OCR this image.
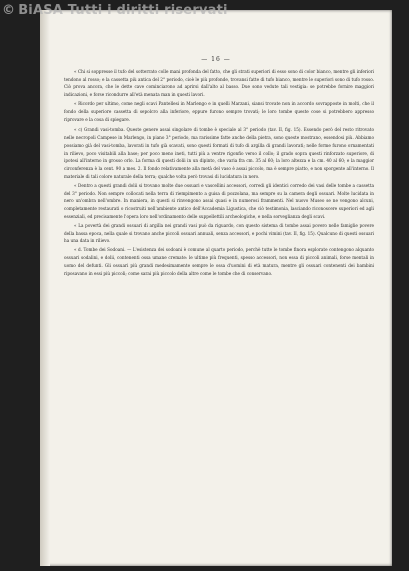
— 16 —

« Chi si soppresse il tufo del sotterrato colle mani profonda del fatto, che gli strati superiori di esso sono di color bianco, mentre gli inferiori tendono al rosso; e la cassetta più antica del 2° periodo, cioè le più profonde, trovansi fatte di tufo bianco, mentre le superiori sono di tufo rosso. Ciò prova ancora, che le dette cave cominciarono ad aprirsi dall'alto al basso. Due sono vedute tali vestigia: se potrebbe fornire maggiori indicazioni, e forse ricondurre all'età menata man in questi lavori.

« Ricordo per ultimo, come negli scavi Pantellesi in Marlengo e in quelli Marzani, siansi trovate non in accordo sovrapposte in molti, che il fondo della superiore cassetta di sepolcro alla inferiore, eppure furono sempre trovati; le loro tombe queste cose si potrebbero appresso riprovare e la cosa di spiegare.

« c) Grandi vasi-tomba. Queste genere assai singolare di tombe è speciale al 3° periodo (tav. II, fig. 15). Essendo però del resto ritrovato nelle necropoli Campese in Marlengo, in piano 3° periodo, ma rarissime fatte anche della pietra, sono queste mostrano, essendosi più. Abbiamo possiamo già del vasi-tomba, lavorati in tufo già scavati, sono questi formati di tufo di argilla di grandi lavorati; nelle forme furono ornamentati in rilievo, poco visitabili alla base; per poco meno ineti, tutti più a ventre rigonfio verso il collo; il grado sopra questi rinforzato superiore, di ipotesi all'interno in grosso orlo. La forma di questi dolii in un dipinto, che varia fra cm. 35 al 60; la loro altezza e la cm. 40 al 60; e la maggior circonferenza è la cent. 90 a mes. 2. Il fondo relativamente alla metà del vaso è assai piccolo, ma è sempre piatto, e non sporgente all'interno. Il materiale di tali colore naturale della terra; qualche volta però trovasi di lucidatura in nero.

« Dentro a questi grandi dolii si trovano molte due ossuari e vascellini accessori, corredi gli identici corredo dei vasi delle tombe a cassetta del 3° periodo. Non sempre collocati nella terra di riempimento a guisa di pozzolana, ma sempre su la camera degli ossuari. Molte lucidata in nero un'ombra nell'ombre. In maniera, in questi si rinvengono assai quasi e in numerosi frammenti. Nel nuovo Museo se ne vengono alcuni, completamente restaurati o ricostruiti nell'ambiente antico dell'Accademia Ligustica, che ciò testimonia, lasciando riconoscere superiori ed agli essenziali, ed precisamente l'opera loro nell'ordinamento delle suppellettili archeologiche, e nella sorveglianza degli scavi.

« La povertà dei grandi ossuari di argilla nei grandi vasi può da riguardo, con questo sistema di tombe assai povero nelle famiglie povere della bassa epoca, nella quale si trovano anche piccoli ossuari annuali, senza accessori, e pochi vimini (tav. II, fig. 15). Qualcuno di questi ossuari ha una data in rilievo.

« d. Tombe dei Sodoani. — L'esistenza dei sodoani è comune al quarto periodo, perchè tutte le tombe finora esplorate contengono alquanto ossuari sodalini, e dolii, contenenti ossa umane cremate: le ultime più frequenti, spesso accessori, non essa di piccoli animali, forse mentali in uomo del defunti. Gli ossuari più grandi medesimamente sempre le ossa d'uomini di età matura, mentre gli ossuari contenenti dei bambini riposavano in essi più piccoli; come sarai più piccolo della altre come le tombe che di conservano.

© BiASA Tutti i diritti riservati
